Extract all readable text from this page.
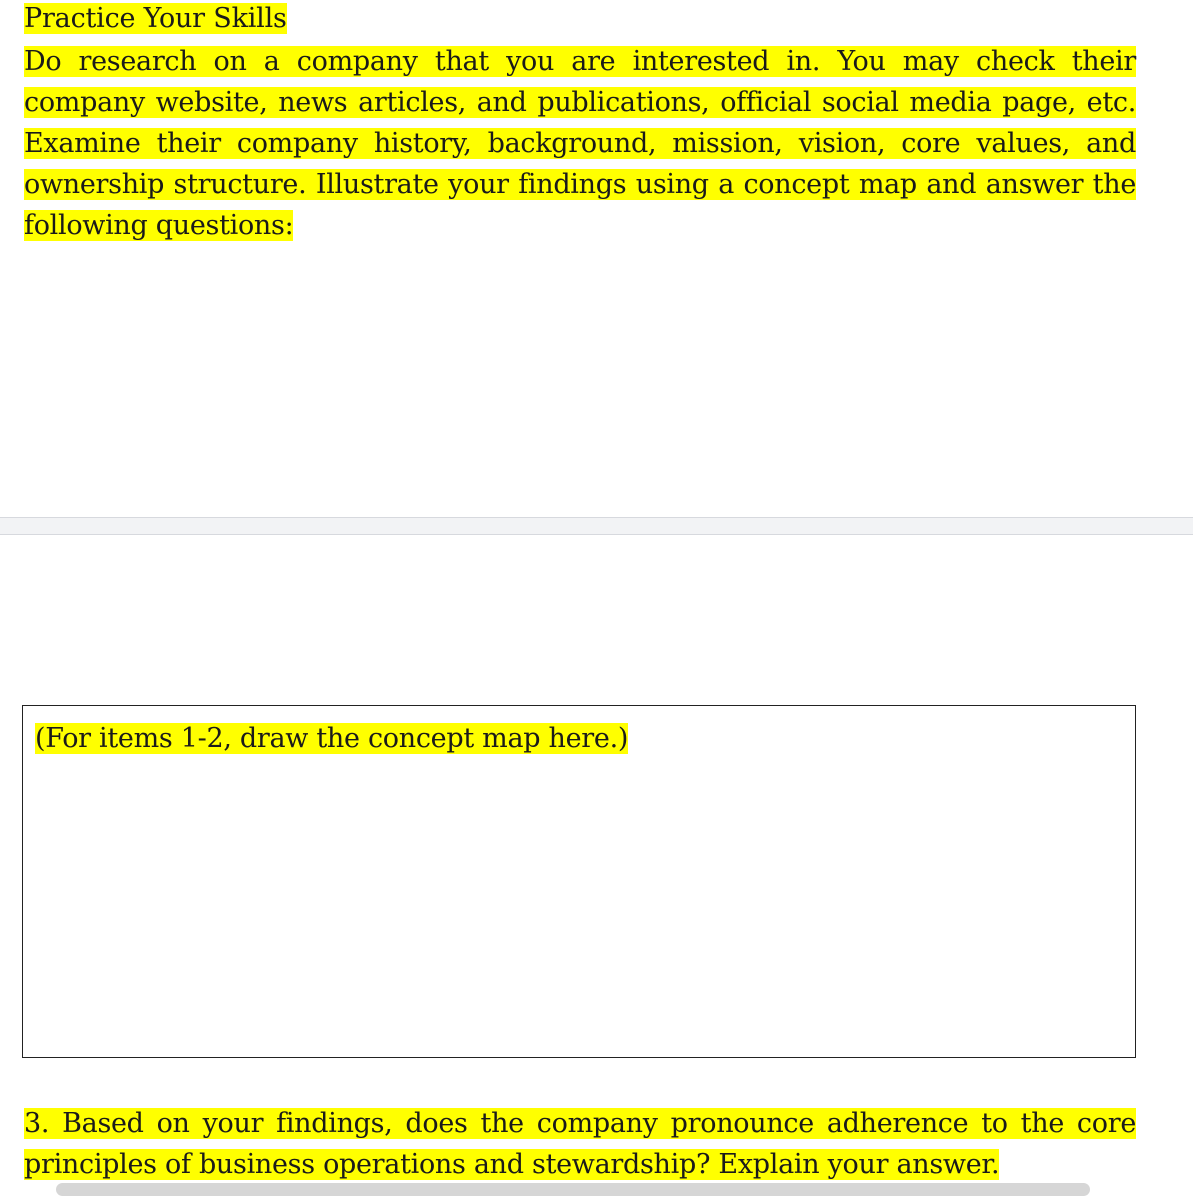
Practice Your Skills

Do research on a company that you are interested in. You may check their company website, news articles, and publications, official social media page, etc. Examine their company history, background, mission, vision, core values, and ownership structure. Illustrate your findings using a concept map and answer the following questions:

(For items 1-2, draw the concept map here.)

3. Based on your findings, does the company pronounce adherence to the core principles of business operations and stewardship? Explain your answer.
